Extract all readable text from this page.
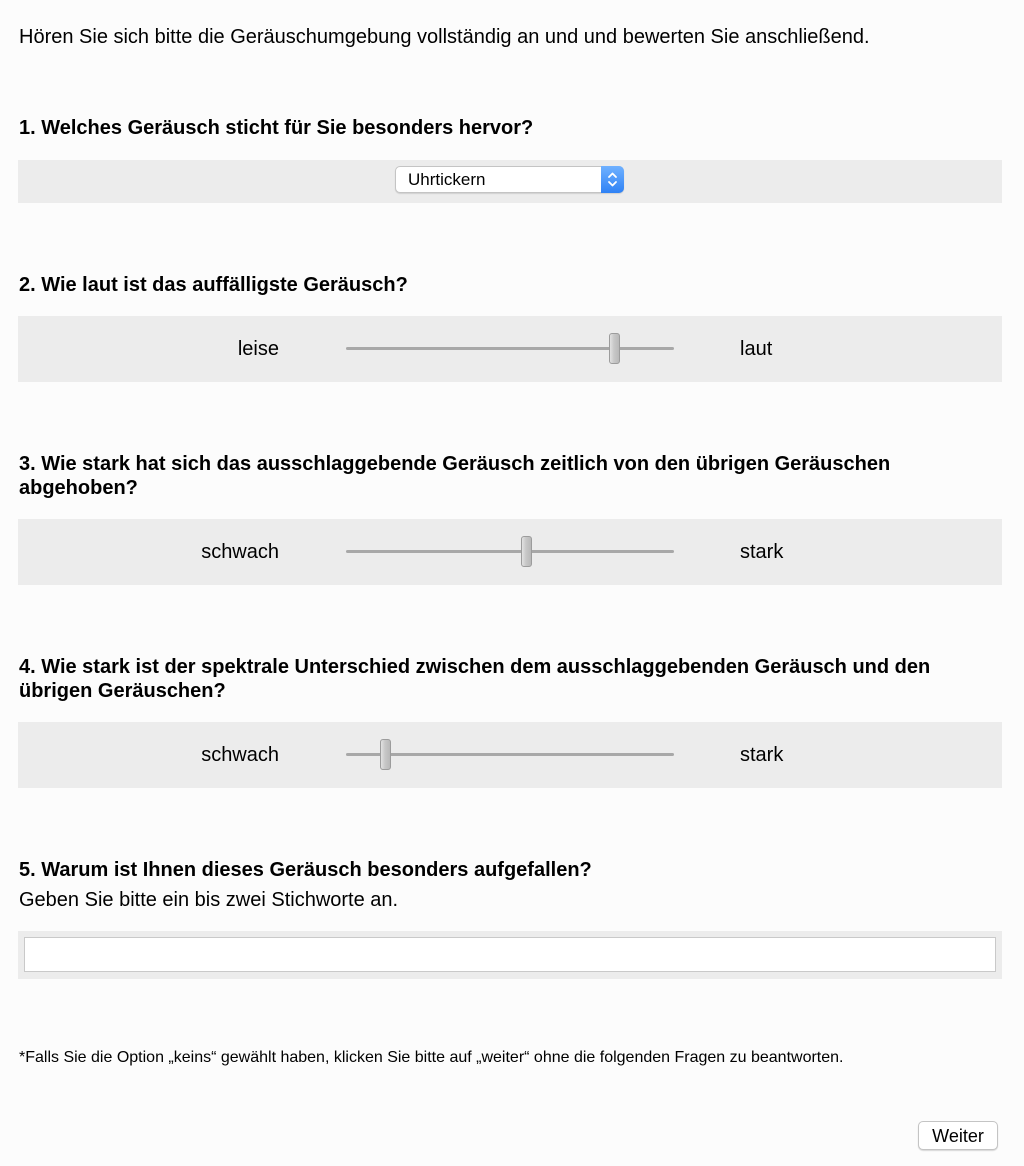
Hören Sie sich bitte die Geräuschumgebung vollständig an und und bewerten Sie anschließend.
1. Welches Geräusch sticht für Sie besonders hervor?
Uhrtickern
2. Wie laut ist das auffälligste Geräusch?
leise	laut
3. Wie stark hat sich das ausschlaggebende Geräusch zeitlich von den übrigen Geräuschen abgehoben?
schwach	stark
4. Wie stark ist der spektrale Unterschied zwischen dem ausschlaggebenden Geräusch und den übrigen Geräuschen?
schwach	stark
5. Warum ist Ihnen dieses Geräusch besonders aufgefallen?
Geben Sie bitte ein bis zwei Stichworte an.
*Falls Sie die Option „keins“ gewählt haben, klicken Sie bitte auf „weiter“ ohne die folgenden Fragen zu beantworten.
Weiter
